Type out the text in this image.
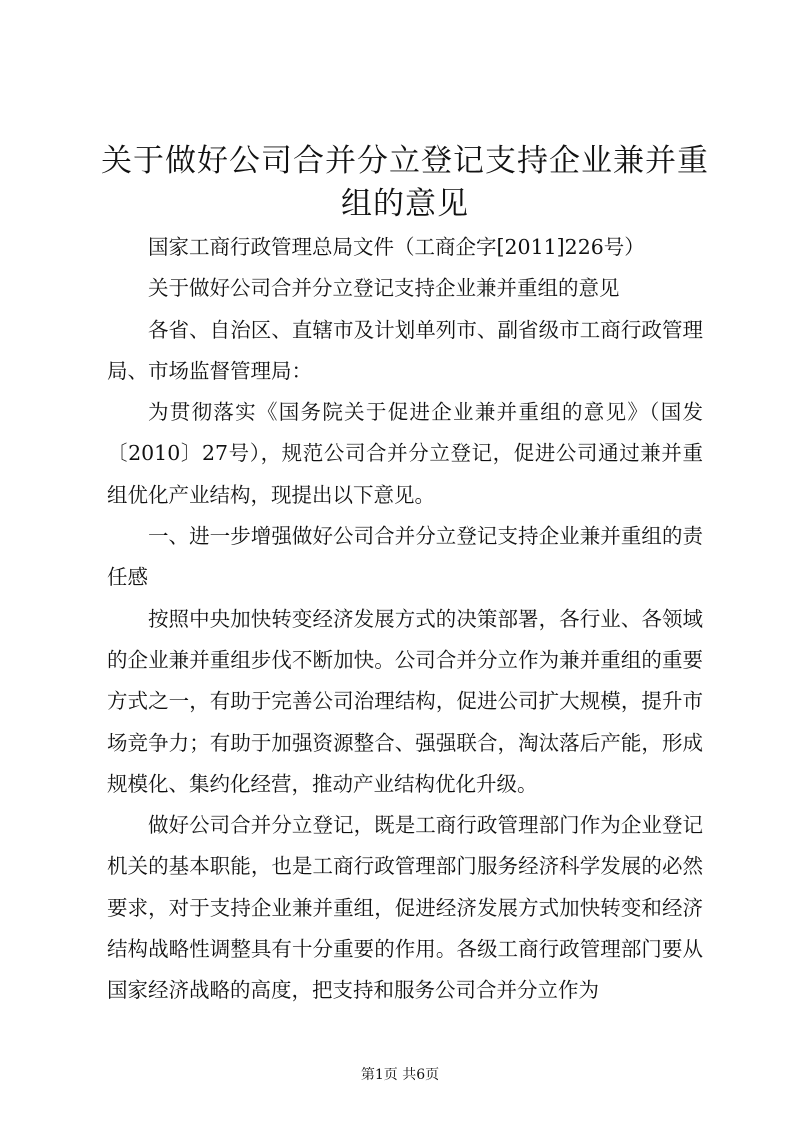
关于做好公司合并分立登记支持企业兼并重组的意见

国家工商行政管理总局文件（工商企字[2011]226号）

关于做好公司合并分立登记支持企业兼并重组的意见

各省、自治区、直辖市及计划单列市、副省级市工商行政管理局、市场监督管理局：

为贯彻落实《国务院关于促进企业兼并重组的意见》（国发〔2010〕27号），规范公司合并分立登记，促进公司通过兼并重组优化产业结构，现提出以下意见。

一、进一步增强做好公司合并分立登记支持企业兼并重组的责任感

按照中央加快转变经济发展方式的决策部署，各行业、各领域的企业兼并重组步伐不断加快。公司合并分立作为兼并重组的重要方式之一，有助于完善公司治理结构，促进公司扩大规模，提升市场竞争力；有助于加强资源整合、强强联合，淘汰落后产能，形成规模化、集约化经营，推动产业结构优化升级。

做好公司合并分立登记，既是工商行政管理部门作为企业登记机关的基本职能，也是工商行政管理部门服务经济科学发展的必然要求，对于支持企业兼并重组，促进经济发展方式加快转变和经济结构战略性调整具有十分重要的作用。各级工商行政管理部门要从国家经济战略的高度，把支持和服务公司合并分立作为

第1页 共6页
